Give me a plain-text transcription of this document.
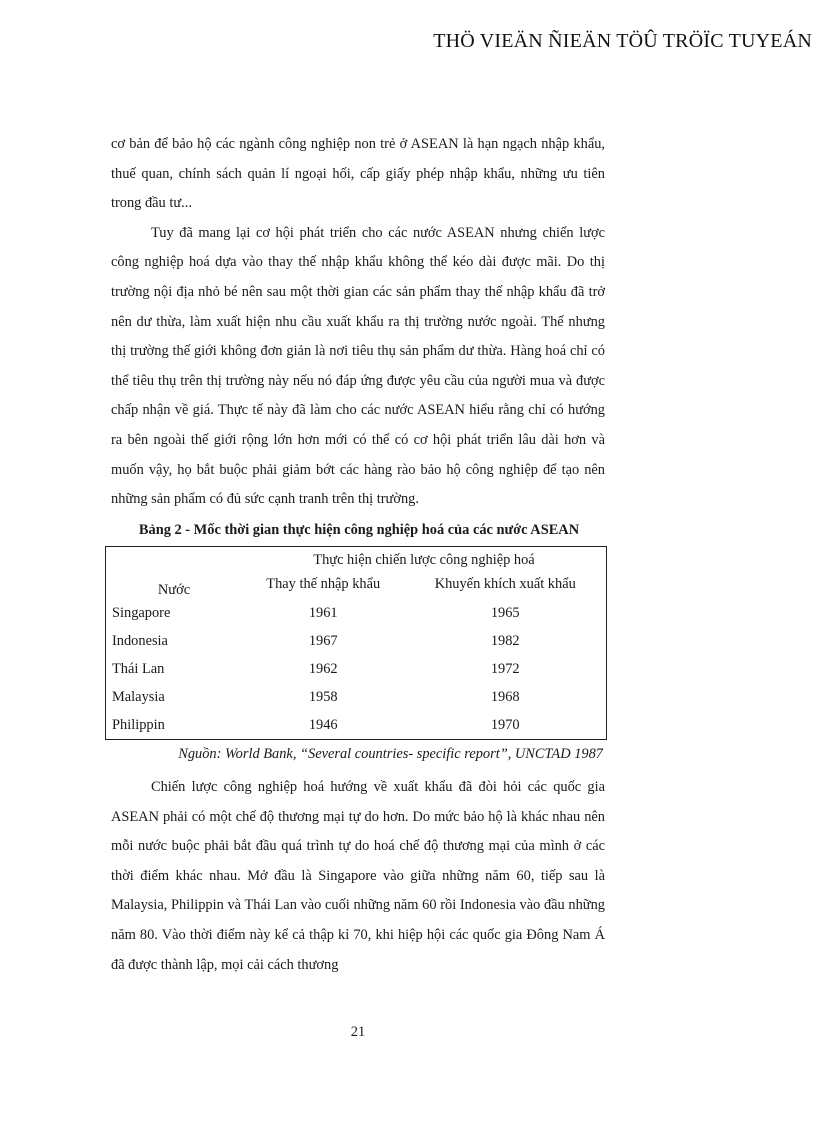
THÖ VIEÄN ÑIEÄN TÖÛ TRÖÏC TUYEÁN

cơ bản để bảo hộ các ngành công nghiệp non trẻ ở ASEAN là hạn ngạch nhập khẩu, thuế quan, chính sách quản lí ngoại hối, cấp giấy phép nhập khẩu, những ưu tiên trong đầu tư...

Tuy đã mang lại cơ hội phát triển cho các nước ASEAN nhưng chiến lược công nghiệp hoá dựa vào thay thế nhập khẩu không thể kéo dài được mãi. Do thị trường nội địa nhỏ bé nên sau một thời gian các sản phẩm thay thế nhập khẩu đã trở nên dư thừa, làm xuất hiện nhu cầu xuất khẩu ra thị trường nước ngoài. Thế nhưng thị trường thế giới không đơn giản là nơi tiêu thụ sản phẩm dư thừa. Hàng hoá chỉ có thể tiêu thụ trên thị trường này nếu nó đáp ứng được yêu cầu của người mua và được chấp nhận về giá. Thực tế này đã làm cho các nước ASEAN hiểu rằng chỉ có hướng ra bên ngoài thế giới rộng lớn hơn mới có thể có cơ hội phát triển lâu dài hơn và muốn vậy, họ bắt buộc phải giảm bớt các hàng rào bảo hộ công nghiệp để tạo nên những sản phẩm có đủ sức cạnh tranh trên thị trường.

Bảng 2 - Mốc thời gian thực hiện công nghiệp hoá của các nước ASEAN
Nước	Thực hiện chiến lược công nghiệp hoá	
	Thay thế nhập khẩu	Khuyến khích xuất khẩu
Singapore	1961	1965
Indonesia	1967	1982
Thái Lan	1962	1972
Malaysia	1958	1968
Philippin	1946	1970
Nguồn: World Bank, “Several countries- specific report”, UNCTAD 1987

Chiến lược công nghiệp hoá hướng về xuất khẩu đã đòi hỏi các quốc gia ASEAN phải có một chế độ thương mại tự do hơn. Do mức bảo hộ là khác nhau nên mỗi nước buộc phải bắt đầu quá trình tự do hoá chế độ thương mại của mình ở các thời điểm khác nhau. Mở đầu là Singapore vào giữa những năm 60, tiếp sau là Malaysia, Philippin và Thái Lan vào cuối những năm 60 rồi Indonesia vào đầu những năm 80. Vào thời điểm này kể cả thập kỉ 70, khi hiệp hội các quốc gia Đông Nam Á đã được thành lập, mọi cải cách thương

21
